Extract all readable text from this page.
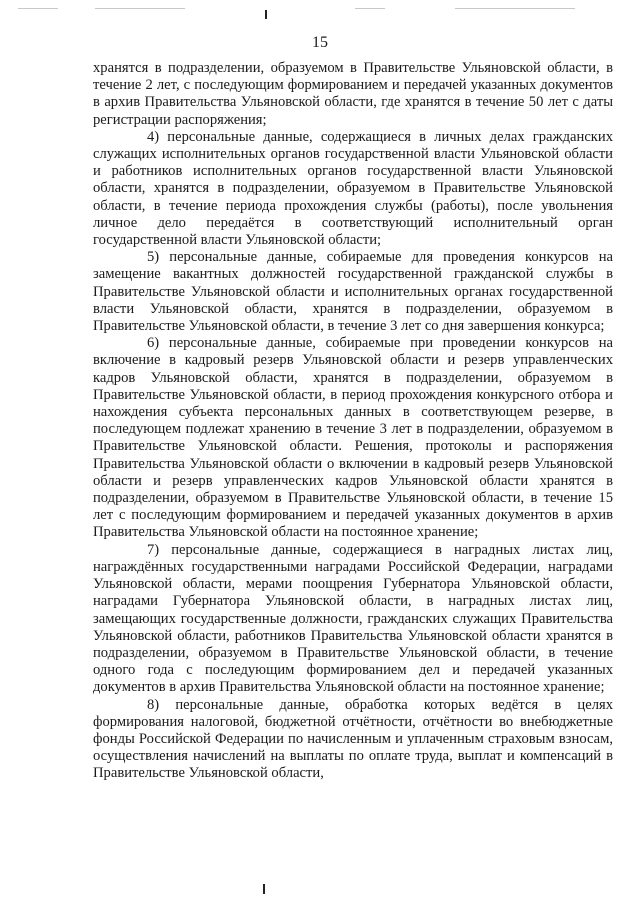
15

хранятся в подразделении, образуемом в Правительстве Ульяновской области, в течение 2 лет, с последующим формированием и передачей указанных документов в архив Правительства Ульяновской области, где хранятся в течение 50 лет с даты регистрации распоряжения;

4) персональные данные, содержащиеся в личных делах гражданских служащих исполнительных органов государственной власти Ульяновской области и работников исполнительных органов государственной власти Ульяновской области, хранятся в подразделении, образуемом в Правительстве Ульяновской области, в течение периода прохождения службы (работы), после увольнения личное дело передаётся в соответствующий исполнительный орган государственной власти Ульяновской области;

5) персональные данные, собираемые для проведения конкурсов на замещение вакантных должностей государственной гражданской службы в Правительстве Ульяновской области и исполнительных органах государственной власти Ульяновской области, хранятся в подразделении, образуемом в Правительстве Ульяновской области, в течение 3 лет со дня завершения конкурса;

6) персональные данные, собираемые при проведении конкурсов на включение в кадровый резерв Ульяновской области и резерв управленческих кадров Ульяновской области, хранятся в подразделении, образуемом в Правительстве Ульяновской области, в период прохождения конкурсного отбора и нахождения субъекта персональных данных в соответствующем резерве, в последующем подлежат хранению в течение 3 лет в подразделении, образуемом в Правительстве Ульяновской области. Решения, протоколы и распоряжения Правительства Ульяновской области о включении в кадровый резерв Ульяновской области и резерв управленческих кадров Ульяновской области хранятся в подразделении, образуемом в Правительстве Ульяновской области, в течение 15 лет с последующим формированием и передачей указанных документов в архив Правительства Ульяновской области на постоянное хранение;

7) персональные данные, содержащиеся в наградных листах лиц, награждённых государственными наградами Российской Федерации, наградами Ульяновской области, мерами поощрения Губернатора Ульяновской области, наградами Губернатора Ульяновской области, в наградных листах лиц, замещающих государственные должности, гражданских служащих Правительства Ульяновской области, работников Правительства Ульяновской области хранятся в подразделении, образуемом в Правительстве Ульяновской области, в течение одного года с последующим формированием дел и передачей указанных документов в архив Правительства Ульяновской области на постоянное хранение;

8) персональные данные, обработка которых ведётся в целях формирования налоговой, бюджетной отчётности, отчётности во внебюджетные фонды Российской Федерации по начисленным и уплаченным страховым взносам, осуществления начислений на выплаты по оплате труда, выплат и компенсаций в Правительстве Ульяновской области,
